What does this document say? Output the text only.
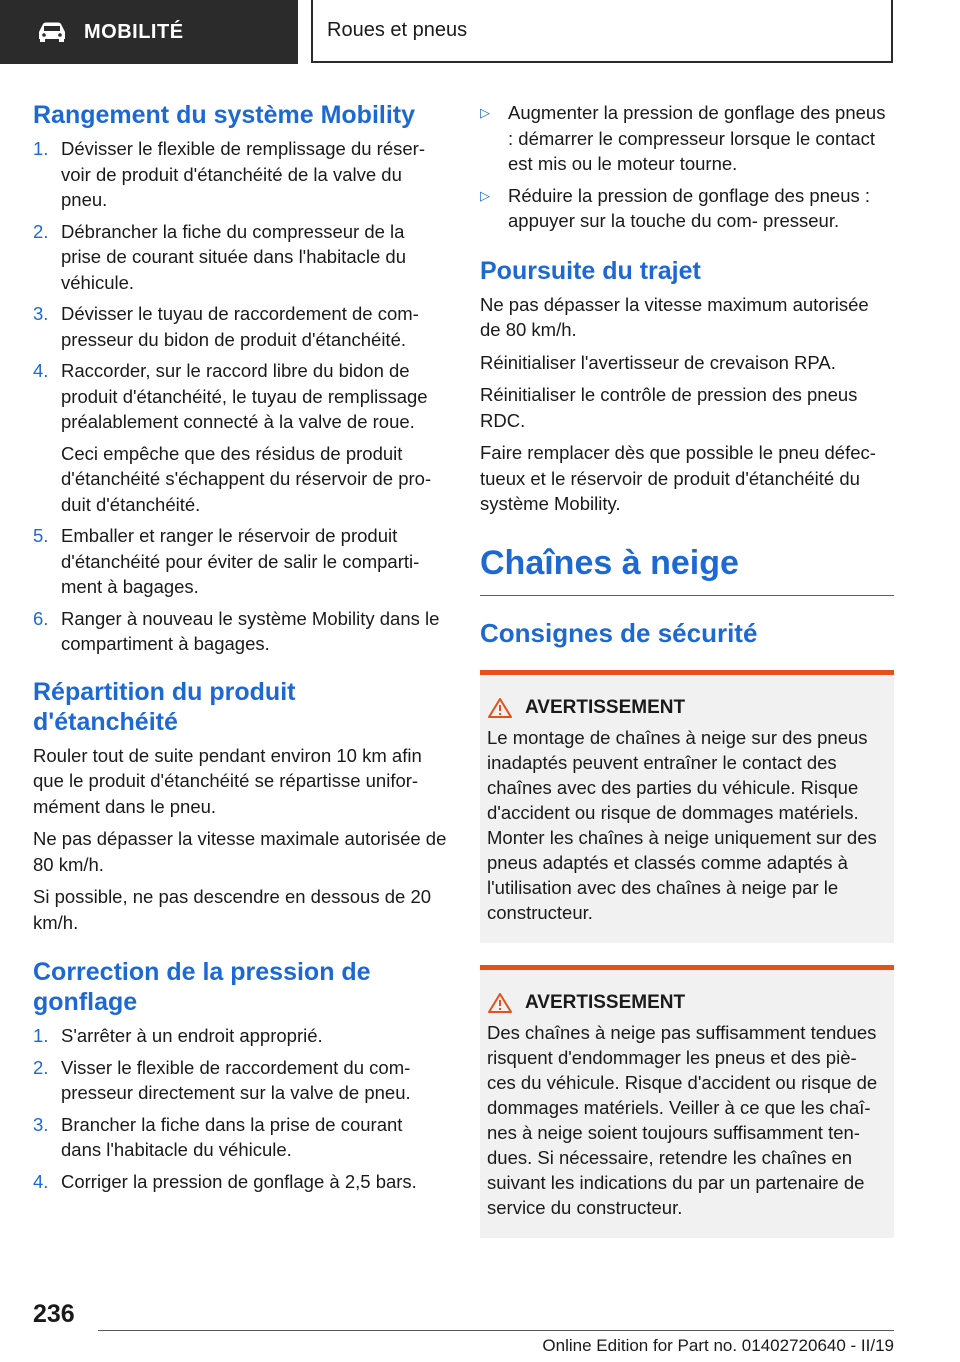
MOBILITÉ	Roues et pneus
Rangement du système Mobility
1. Dévisser le flexible de remplissage du réser‐ voir de produit d'étanchéité de la valve du pneu.
2. Débrancher la fiche du compresseur de la prise de courant située dans l'habitacle du véhicule.
3. Dévisser le tuyau de raccordement de com‐ presseur du bidon de produit d'étanchéité.
4. Raccorder, sur le raccord libre du bidon de produit d'étanchéité, le tuyau de remplissage préalablement connecté à la valve de roue.

Ceci empêche que des résidus de produit d'étanchéité s'échappent du réservoir de pro‐ duit d'étanchéité.

5. Emballer et ranger le réservoir de produit d'étanchéité pour éviter de salir le comparti‐ ment à bagages.
6. Ranger à nouveau le système Mobility dans le compartiment à bagages.
Répartition du produit d'étanchéité

Rouler tout de suite pendant environ 10 km afin que le produit d'étanchéité se répartisse unifor‐ mément dans le pneu.

Ne pas dépasser la vitesse maximale autorisée de 80 km/h.

Si possible, ne pas descendre en dessous de 20 km/h.

Correction de la pression de gonflage
1. S'arrêter à un endroit approprié.
2. Visser le flexible de raccordement du com‐ presseur directement sur la valve de pneu.
3. Brancher la fiche dans la prise de courant dans l'habitacle du véhicule.
4. Corriger la pression de gonflage à 2,5 bars.
▷ Augmenter la pression de gonflage des pneus : démarrer le compresseur lorsque le contact est mis ou le moteur tourne.
▷ Réduire la pression de gonflage des pneus : appuyer sur la touche du com‐ presseur.
Poursuite du trajet

Ne pas dépasser la vitesse maximum autorisée de 80 km/h.

Réinitialiser l'avertisseur de crevaison RPA.

Réinitialiser le contrôle de pression des pneus RDC.

Faire remplacer dès que possible le pneu défec‐ tueux et le réservoir de produit d'étanchéité du système Mobility.

Chaînes à neige
Consignes de sécurité
AVERTISSEMENT

Le montage de chaînes à neige sur des pneus inadaptés peuvent entraîner le contact des chaînes avec des parties du véhicule. Risque d'accident ou risque de dommages matériels. Monter les chaînes à neige uniquement sur des pneus adaptés et classés comme adaptés à l'utilisation avec des chaînes à neige par le constructeur.

AVERTISSEMENT

Des chaînes à neige pas suffisamment tendues risquent d'endommager les pneus et des piè‐ ces du véhicule. Risque d'accident ou risque de dommages matériels. Veiller à ce que les chaî‐ nes à neige soient toujours suffisamment ten‐ dues. Si nécessaire, retendre les chaînes en suivant les indications du par un partenaire de service du constructeur.

236
Online Edition for Part no. 01402720640 - II/19
